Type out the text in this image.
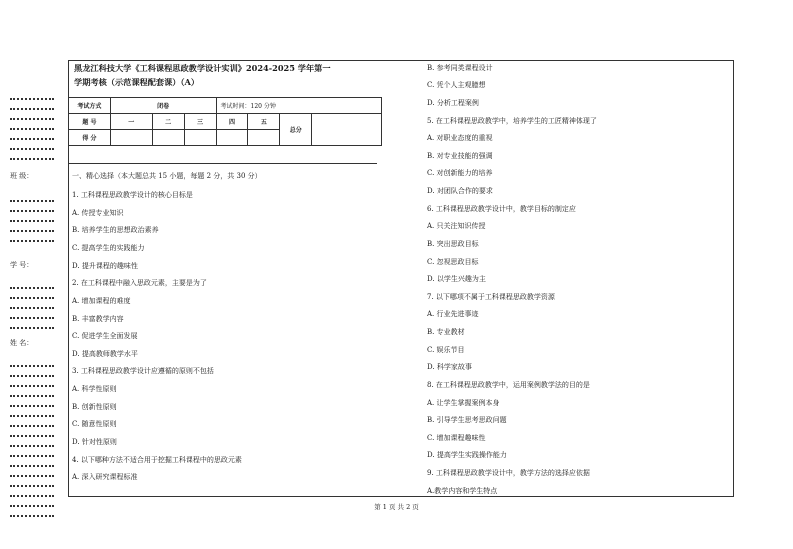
班 级：
学 号：
姓 名：
黑龙江科技大学《工科课程思政教学设计实训》2024-2025 学年第一
学期考核（示范课程配套课）（A）
考试方式	闭卷			考试时间：120 分钟			
题 号	一	二	三	四	五	总分	
得 分							
一、精心选择（本大题总共 15 小题，每题 2 分，共 30 分）
1. 工科课程思政教学设计的核心目标是
A. 传授专业知识
B. 培养学生的思想政治素养
C. 提高学生的实践能力
D. 提升课程的趣味性
2. 在工科课程中融入思政元素，主要是为了
A. 增加课程的难度
B. 丰富教学内容
C. 促进学生全面发展
D. 提高教师教学水平
3. 工科课程思政教学设计应遵循的原则不包括
A. 科学性原则
B. 创新性原则
C. 随意性原则
D. 针对性原则
4. 以下哪种方法不适合用于挖掘工科课程中的思政元素
A. 深入研究课程标准
B. 参考同类课程设计
C. 凭个人主观臆想
D. 分析工程案例
5. 在工科课程思政教学中，培养学生的工匠精神体现了
A. 对职业态度的重视
B. 对专业技能的强调
C. 对创新能力的培养
D. 对团队合作的要求
6. 工科课程思政教学设计中，教学目标的制定应
A. 只关注知识传授
B. 突出思政目标
C. 忽视思政目标
D. 以学生兴趣为主
7. 以下哪项不属于工科课程思政教学资源
A. 行业先进事迹
B. 专业教材
C. 娱乐节目
D. 科学家故事
8. 在工科课程思政教学中，运用案例教学法的目的是
A. 让学生掌握案例本身
B. 引导学生思考思政问题
C. 增加课程趣味性
D. 提高学生实践操作能力
9. 工科课程思政教学设计中，教学方法的选择应依据
A.教学内容和学生特点
第 1 页 共 2 页
